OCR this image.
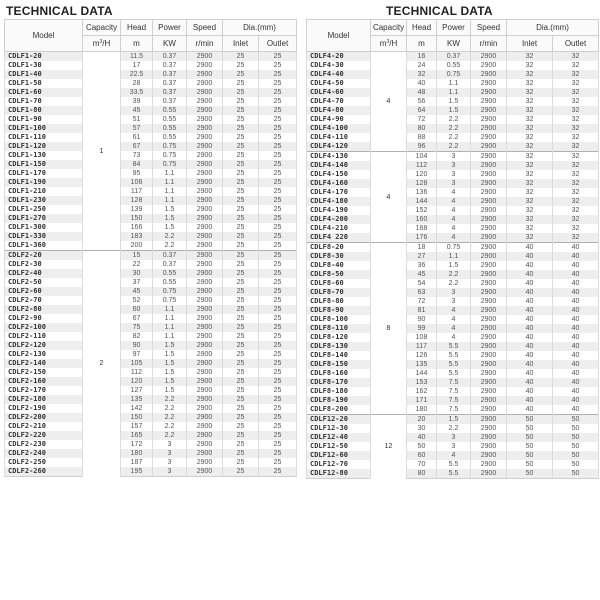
TECHNICAL DATA
Model	Capacity	Head	Power	Speed	Dia.(mm)	
	$m^3/H$	m	KW	r/min	Inlet	Outlet
CDLF1-20	1	11.5	0.37	2900	25	25
CDLF1-30		17	0.37	2900	25	25
CDLF1-40		22.5	0.37	2900	25	25
CDLF1-50		28	0.37	2900	25	25
CDLF1-60		33.5	0.37	2900	25	25
CDLF1-70		39	0.37	2900	25	25
CDLF1-80		45	0.55	2900	25	25
CDLF1-90		51	0.55	2900	25	25
CDLF1-100		57	0.55	2900	25	25
CDLF1-110		61	0.55	2900	25	25
CDLF1-120		67	0.75	2900	25	25
CDLF1-130		73	0.75	2900	25	25
CDLF1-150		84	0.75	2900	25	25
CDLF1-170		95	1.1	2900	25	25
CDLF1-190		106	1.1	2900	25	25
CDLF1-210		117	1.1	2900	25	25
CDLF1-230		128	1.1	2900	25	25
CDLF1-250		139	1.5	2900	25	25
CDLF1-270		150	1.5	2900	25	25
CDLF1-300		166	1.5	2900	25	25
CDLF1-330		183	2.2	2900	25	25
CDLF1-360		200	2.2	2900	25	25
CDLF2-20	2	15	0.37	2900	25	25
CDLF2-30		22	0.37	2900	25	25
CDLF2-40		30	0.55	2900	25	25
CDLF2-50		37	0.55	2900	25	25
CDLF2-60		45	0.75	2900	25	25
CDLF2-70		52	0.75	2900	25	25
CDLF2-80		60	1.1	2900	25	25
CDLF2-90		67	1.1	2900	25	25
CDLF2-100		75	1.1	2900	25	25
CDLF2-110		82	1.1	2900	25	25
CDLF2-120		90	1.5	2900	25	25
CDLF2-130		97	1.5	2900	25	25
CDLF2-140		105	1.5	2900	25	25
CDLF2-150		112	1.5	2900	25	25
CDLF2-160		120	1.5	2900	25	25
CDLF2-170		127	1.5	2900	25	25
CDLF2-180		135	2.2	2900	25	25
CDLF2-190		142	2.2	2900	25	25
CDLF2-200		150	2.2	2900	25	25
CDLF2-210		157	2.2	2900	25	25
CDLF2-220		165	2.2	2900	25	25
CDLF2-230		172	3	2900	25	25
CDLF2-240		180	3	2900	25	25
CDLF2-250		187	3	2900	25	25
CDLF2-260		195	3	2900	25	25
TECHNICAL DATA
Model	Capacity	Head	Power	Speed	Dia.(mm)	
	$m^3/H$	m	KW	r/min	Inlet	Outlet
CDLF4-20	4	16	0.37	2900	32	32
CDLF4-30		24	0.55	2900	32	32
CDLF4-40		32	0.75	2900	32	32
CDLF4-50		40	1.1	2900	32	32
CDLF4-60		48	1.1	2900	32	32
CDLF4-70		56	1.5	2900	32	32
CDLF4-80		64	1.5	2900	32	32
CDLF4-90		72	2.2	2900	32	32
CDLF4-100		80	2.2	2900	32	32
CDLF4-110		88	2.2	2900	32	32
CDLF4-120		96	2.2	2900	32	32
CDLF4-130	4	104	3	2900	32	32
CDLF4-140		112	3	2900	32	32
CDLF4-150		120	3	2900	32	32
CDLF4-160		128	3	2900	32	32
CDLF4-170		136	4	2900	32	32
CDLF4-180		144	4	2900	32	32
CDLF4-190		152	4	2900	32	32
CDLF4-200		160	4	2900	32	32
CDLF4-210		168	4	2900	32	32
CDLF4 220		176	4	2900	32	32
CDLF8-20	8	18	0.75	2900	40	40
CDLF8-30		27	1.1	2900	40	40
CDLF8-40		36	1.5	2900	40	40
CDLF8-50		45	2.2	2900	40	40
CDLF8-60		54	2.2	2900	40	40
CDLF8-70		63	3	2900	40	40
CDLF8-80		72	3	2900	40	40
CDLF8-90		81	4	2900	40	40
CDLF8-100		90	4	2900	40	40
CDLF8-110		99	4	2900	40	40
CDLF8-120		108	4	2900	40	40
CDLF8-130		117	5.5	2900	40	40
CDLF8-140		126	5.5	2900	40	40
CDLF8-150		135	5.5	2900	40	40
CDLF8-160		144	5.5	2900	40	40
CDLF8-170		153	7.5	2900	40	40
CDLF8-180		162	7.5	2900	40	40
CDLF8-190		171	7.5	2900	40	40
CDLF8-200		180	7.5	2900	40	40
CDLF12-20	12	20	1.5	2900	50	50
CDLF12-30		30	2.2	2900	50	50
CDLF12-40		40	3	2900	50	50
CDLF12-50		50	3	2900	50	50
CDLF12-60		60	4	2900	50	50
CDLF12-70		70	5.5	2900	50	50
CDLF12-80		80	5.5	2900	50	50
